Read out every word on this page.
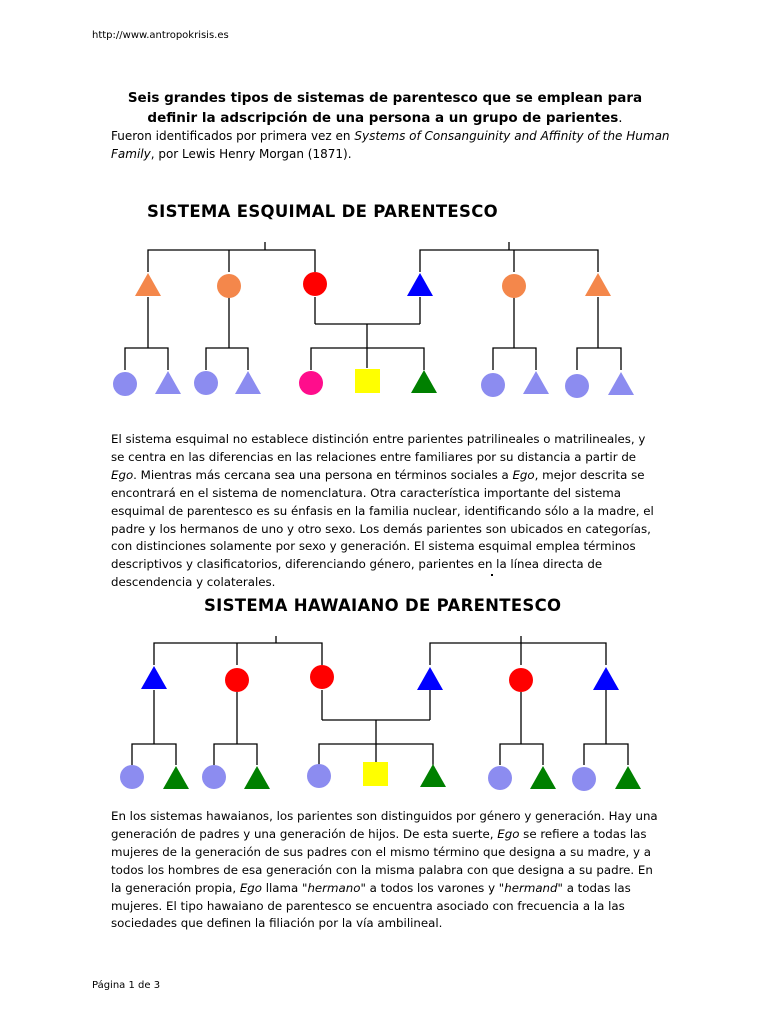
http://www.antropokrisis.es
Seis grandes tipos de sistemas de parentesco que se emplean para
definir la adscripción de una persona a un grupo de parientes.
Fueron identificados por primera vez en Systems of Consanguinity and Affinity of the Human Family, por Lewis Henry Morgan (1871).
SISTEMA ESQUIMAL DE PARENTESCO
El sistema esquimal no establece distinción entre parientes patrilineales o matrilineales, y se centra en las diferencias en las relaciones entre familiares por su distancia a partir de Ego. Mientras más cercana sea una persona en términos sociales a Ego, mejor descrita se encontrará en el sistema de nomenclatura. Otra característica importante del sistema esquimal de parentesco es su énfasis en la familia nuclear, identificando sólo a la madre, el padre y los hermanos de uno y otro sexo. Los demás parientes son ubicados en categorías, con distinciones solamente por sexo y generación. El sistema esquimal emplea términos descriptivos y clasificatorios, diferenciando género, parientes en la línea directa de descendencia y colaterales.
SISTEMA HAWAIANO DE PARENTESCO
En los sistemas hawaianos, los parientes son distinguidos por género y generación. Hay una generación de padres y una generación de hijos. De esta suerte, Ego se refiere a todas las mujeres de la generación de sus padres con el mismo término que designa a su madre, y a todos los hombres de esa generación con la misma palabra con que designa a su padre. En la generación propia, Ego llama "hermano" a todos los varones y "hermand" a todas las mujeres. El tipo hawaiano de parentesco se encuentra asociado con frecuencia a la las sociedades que definen la filiación por la vía ambilineal.
Página 1 de 3
